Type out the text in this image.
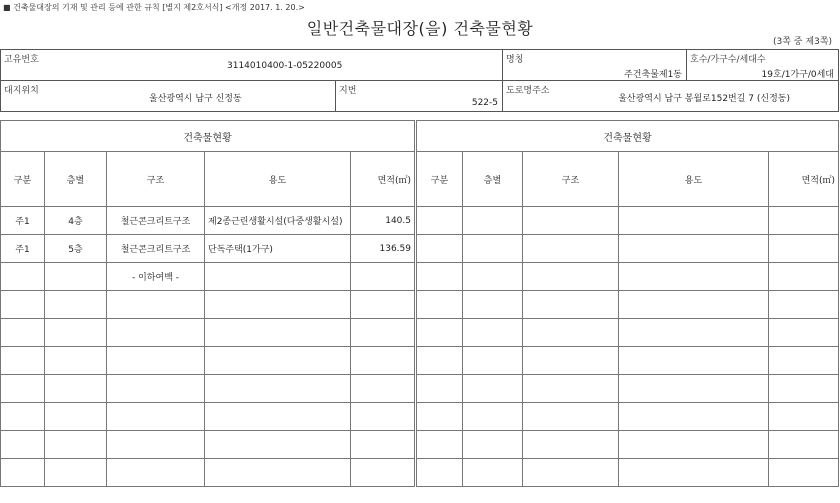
■ 건축물대장의 기재 및 관리 등에 관한 규칙 [별지 제2호서식] <개정 2017. 1. 20.>
일반건축물대장(을) 건축물현황
(3쪽 중 제3쪽)
고유번호
3114010400-1-05220005

명칭
주건축물제1동

호수/가구수/세대수
19호/1가구/0세대
대지위치
울산광역시 남구 신정동

지번
522-5

도로명주소
울산광역시 남구 봉월로152번길 7 (신정동)
건축물현황						건축물현황				
구분	층별	구조	용도	면적(㎡)		구분	층별	구조	용도	면적(㎡)
주1	4층	철근콘크리트구조	제2종근린생활시설(다중생활시설)	140.5						
주1	5층	철근콘크리트구조	단독주택(1가구)	136.59						
		- 이하여백 -								
